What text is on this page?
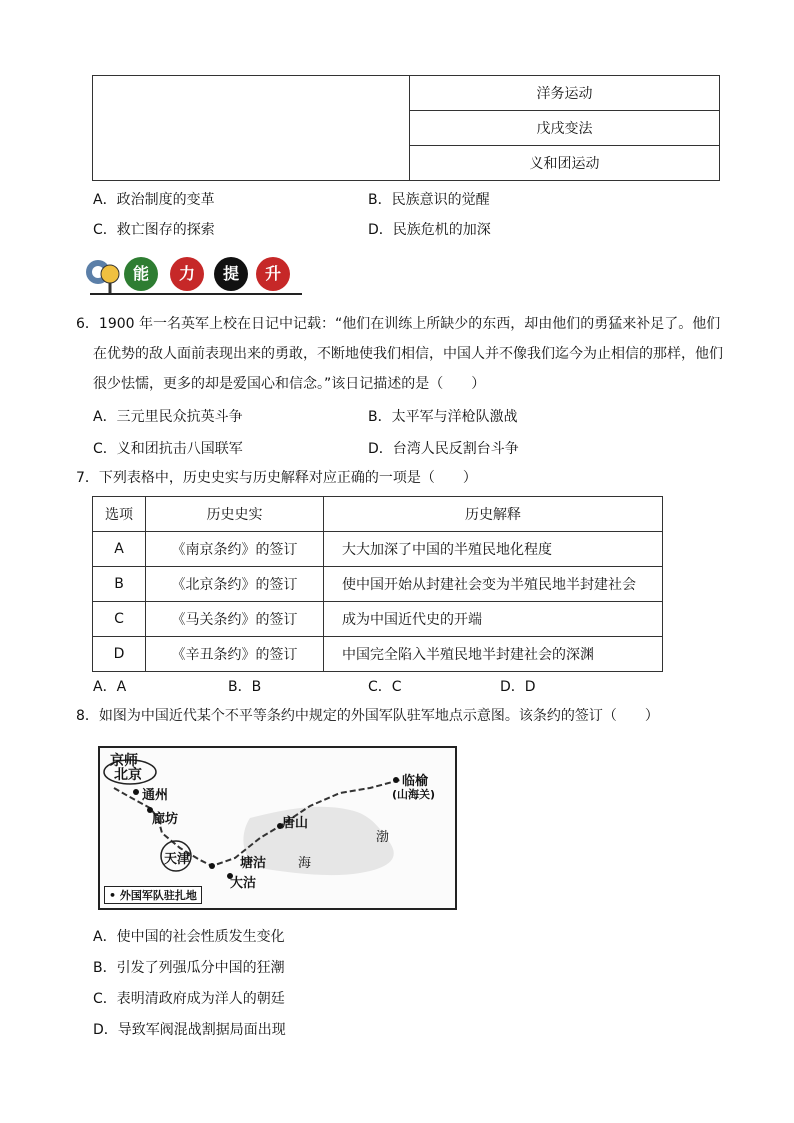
	洋务运动
戊戌变法
义和团运动
A．政治制度的变革	B．民族意识的觉醒
C．救亡图存的探索	D．民族危机的加深
能	力	提	升
6．1900 年一名英军上校在日记中记载：“他们在训练上所缺少的东西，却由他们的勇猛来补足了。他们
在优势的敌人面前表现出来的勇敢，不断地使我们相信，中国人并不像我们迄今为止相信的那样，他们
很少怯懦，更多的却是爱国心和信念。”该日记描述的是（　　）
A．三元里民众抗英斗争	B．太平军与洋枪队激战
C．义和团抗击八国联军	D．台湾人民反割台斗争
7．下列表格中，历史史实与历史解释对应正确的一项是（　　）
选项	历史史实	历史解释
A	《南京条约》的签订	大大加深了中国的半殖民地化程度
B	《北京条约》的签订	使中国开始从封建社会变为半殖民地半封建社会
C	《马关条约》的签订	成为中国近代史的开端
D	《辛丑条约》的签订	中国完全陷入半殖民地半封建社会的深渊
A．A	B．B	C．C	D．D
8．如图为中国近代某个不平等条约中规定的外国军队驻军地点示意图。该条约的签订（　　）
京师
北京
通州
廊坊
天津	塘沽
大沽
唐山
临榆
(山海关)
渤
海
• 外国军队驻扎地
A．使中国的社会性质发生变化
B．引发了列强瓜分中国的狂潮
C．表明清政府成为洋人的朝廷
D．导致军阀混战割据局面出现
